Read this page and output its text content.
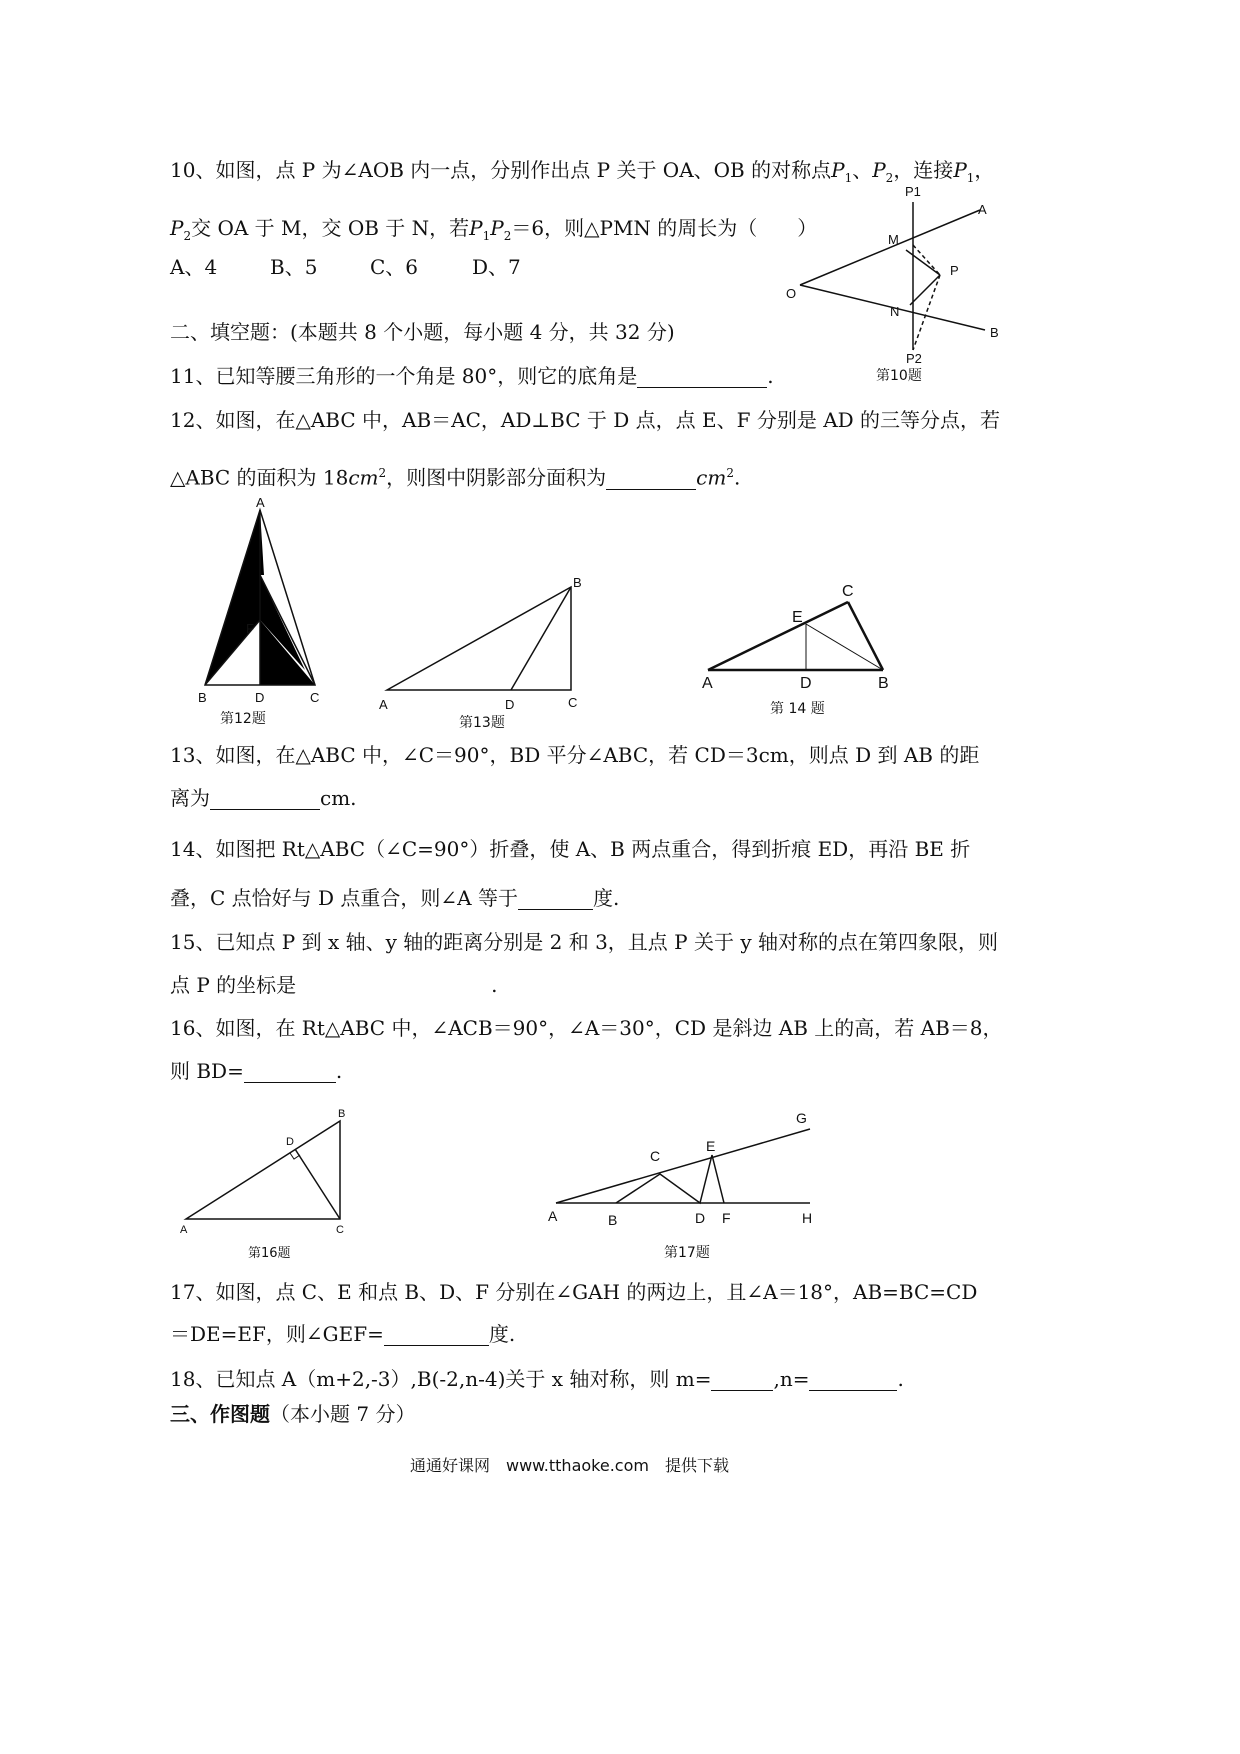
10、如图，点 P 为∠AOB 内一点，分别作出点 P 关于 OA、OB 的对称点$P_1$、$P_2$，连接$P_1$，
$P_2$交 OA 于 M，交 OB 于 N，若$P_1P_2=6$，则△PMN 的周长为（　　）
A、4	B、5	C、6	D、7
P1
A
O
M
P
N
B
P2
第10题
二、填空题：(本题共 8 个小题，每小题 4 分，共 32 分)
11、已知等腰三角形的一个角是 80°，则它的底角是	.
12、如图，在△ABC 中，AB＝AC，AD⊥BC 于 D 点，点 E、F 分别是 AD 的三等分点，若
△ABC 的面积为 $18cm^2$，则图中阴影部分面积为	$cm^2$.
A
E
F
B	D	C
第12题
B
A	D	C
第13题
C
E
A	D	B
第 14 题
13、如图，在△ABC 中，∠C＝90°，BD 平分∠ABC，若 CD＝3cm，则点 D 到 AB 的距
离为	cm.
14、如图把 Rt△ABC（∠C=90°）折叠，使 A、B 两点重合，得到折痕 ED，再沿 BE 折
叠，C 点恰好与 D 点重合，则∠A 等于	度.
15、已知点 P 到 x 轴、y 轴的距离分别是 2 和 3，且点 P 关于 y 轴对称的点在第四象限，则
点 P 的坐标是	.
16、如图，在 Rt△ABC 中，∠ACB＝90°，∠A＝30°，CD 是斜边 AB 上的高，若 AB＝8，
则 BD=	.
B
D
A	C
第16题
G
C
E
A	B	D F	H
第17题
17、如图，点 C、E 和点 B、D、F 分别在∠GAH 的两边上，且∠A＝18°，AB=BC=CD
＝DE=EF，则∠GEF=	度.
18、已知点 A（m+2,-3）,B(-2,n-4)关于 x 轴对称，则 m=	,n=	.
三、作图题（本小题 7 分）
通通好课网　www.tthaoke.com　提供下载
